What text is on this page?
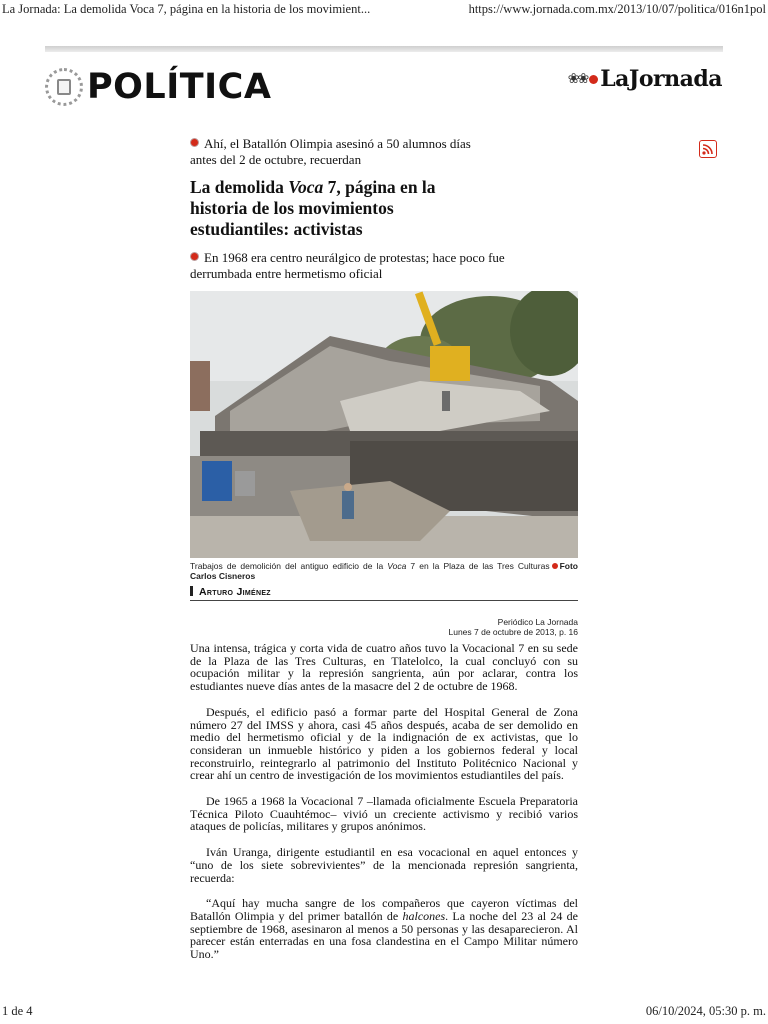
La Jornada: La demolida Voca 7, página en la historia de los movimient...	https://www.jornada.com.mx/2013/10/07/politica/016n1pol
POLÍTICA	❀❀ LaJornada
Ahí, el Batallón Olimpia asesinó a 50 alumnos días antes del 2 de octubre, recuerdan
La demolida Voca 7, página en la historia de los movimientos estudiantiles: activistas
En 1968 era centro neurálgico de protestas; hace poco fue derrumbada entre hermetismo oficial
Trabajos de demolición del antiguo edificio de la Voca 7 en la Plaza de las Tres Culturas Foto Carlos Cisneros
Arturo Jiménez
Periódico La Jornada
Lunes 7 de octubre de 2013, p. 16

Una intensa, trágica y corta vida de cuatro años tuvo la Vocacional 7 en su sede de la Plaza de las Tres Culturas, en Tlatelolco, la cual concluyó con su ocupación militar y la represión sangrienta, aún por aclarar, contra los estudiantes nueve días antes de la masacre del 2 de octubre de 1968.

Después, el edificio pasó a formar parte del Hospital General de Zona número 27 del IMSS y ahora, casi 45 años después, acaba de ser demolido en medio del hermetismo oficial y de la indignación de ex activistas, que lo consideran un inmueble histórico y piden a los gobiernos federal y local reconstruirlo, reintegrarlo al patrimonio del Instituto Politécnico Nacional y crear ahí un centro de investigación de los movimientos estudiantiles del país.

De 1965 a 1968 la Vocacional 7 –llamada oficialmente Escuela Preparatoria Técnica Piloto Cuauhtémoc– vivió un creciente activismo y recibió varios ataques de policías, militares y grupos anónimos.

Iván Uranga, dirigente estudiantil en esa vocacional en aquel entonces y “uno de los siete sobrevivientes” de la mencionada represión sangrienta, recuerda:

“Aquí hay mucha sangre de los compañeros que cayeron víctimas del Batallón Olimpia y del primer batallón de halcones. La noche del 23 al 24 de septiembre de 1968, asesinaron al menos a 50 personas y las desaparecieron. Al parecer están enterradas en una fosa clandestina en el Campo Militar número Uno.”

1 de 4	06/10/2024, 05:30 p. m.
